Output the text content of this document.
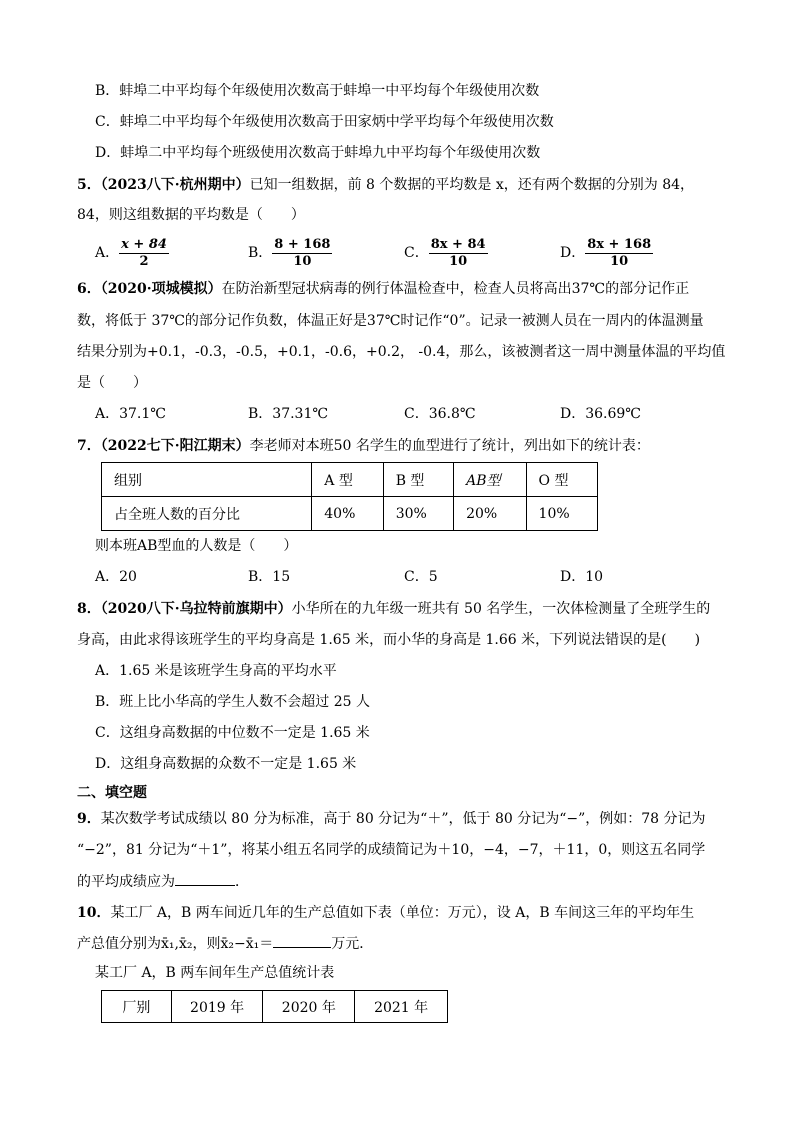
B．蚌埠二中平均每个年级使用次数高于蚌埠一中平均每个年级使用次数
C．蚌埠二中平均每个年级使用次数高于田家炳中学平均每个年级使用次数
D．蚌埠二中平均每个班级使用次数高于蚌埠九中平均每个年级使用次数
5．（2023八下·杭州期中）已知一组数据，前 8 个数据的平均数是 x，还有两个数据的分别为 84，
84，则这组数据的平均数是（　　）
A． $\frac{x + 84}{2}$	B． $\frac{8 + 168}{10}$	C． $\frac{8x + 84}{10}$	D． $\frac{8x + 168}{10}$
6．（2020·项城模拟）在防治新型冠状病毒的例行体温检查中，检查人员将高出37℃的部分记作正
数，将低于 37℃的部分记作负数，体温正好是37℃时记作“0”。记录一被测人员在一周内的体温测量
结果分别为+0.1，-0.3，-0.5，+0.1，-0.6，+0.2， -0.4，那么，该被测者这一周中测量体温的平均值
是（　　）
A．37.1℃	B．37.31℃	C．36.8℃	D．36.69℃
7．（2022七下·阳江期末）李老师对本班50 名学生的血型进行了统计，列出如下的统计表：
组别	A 型	B 型	AB型	O 型
占全班人数的百分比	40%	30%	20%	10%
则本班AB型血的人数是（　　）
A．20	B．15	C．5	D．10
8．（2020八下·乌拉特前旗期中）小华所在的九年级一班共有 50 名学生，一次体检测量了全班学生的
身高，由此求得该班学生的平均身高是 1.65 米，而小华的身高是 1.66 米，下列说法错误的是(　　)
A．1.65 米是该班学生身高的平均水平
B．班上比小华高的学生人数不会超过 25 人
C．这组身高数据的中位数不一定是 1.65 米
D．这组身高数据的众数不一定是 1.65 米
二、填空题
9．某次数学考试成绩以 80 分为标准，高于 80 分记为“＋”，低于 80 分记为“−”，例如：78 分记为
“−2”，81 分记为“＋1”，将某小组五名同学的成绩简记为＋10，−4，−7，＋11，0，则这五名同学
的平均成绩应为	．
10．某工厂 A，B 两车间近几年的生产总值如下表（单位：万元），设 A，B 车间这三年的平均年生
产总值分别为x̄₁,x̄₂，则x̄₂−x̄₁＝	万元．
某工厂 A，B 两车间年生产总值统计表
厂别	2019 年	2020 年	2021 年
